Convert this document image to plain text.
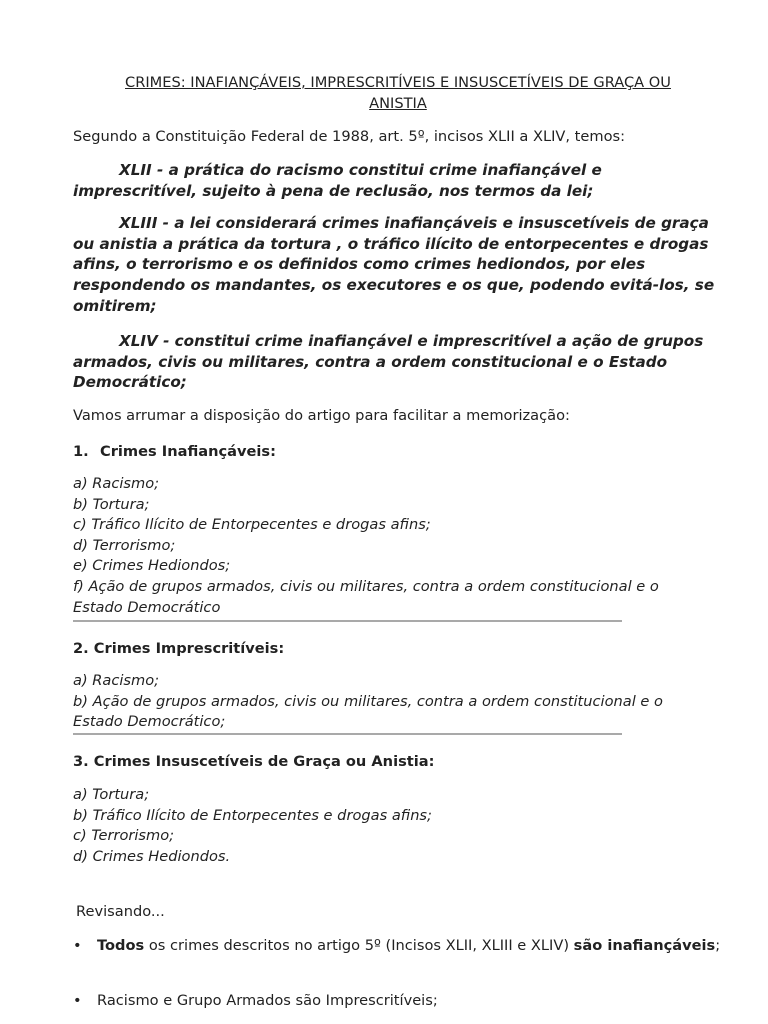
CRIMES: INAFIANÇÁVEIS, IMPRESCRITÍVEIS E INSUSCETÍVEIS DE GRAÇA OU
ANISTIA

Segundo a Constituição Federal de 1988, art. 5º, incisos XLII a XLIV, temos:

XLII - a prática do racismo constitui crime inafiançável e imprescritível, sujeito à pena de reclusão, nos termos da lei;

XLIII - a lei considerará crimes inafiançáveis e insuscetíveis de graça ou anistia a prática da tortura , o tráfico ilícito de entorpecentes e drogas afins, o terrorismo e os definidos como crimes hediondos, por eles respondendo os mandantes, os executores e os que, podendo evitá-los, se omitirem;

XLIV - constitui crime inafiançável e imprescritível a ação de grupos armados, civis ou militares, contra a ordem constitucional e o Estado Democrático;

Vamos arrumar a disposição do artigo para facilitar a memorização:

1. Crimes Inafiançáveis:
a) Racismo;
b) Tortura;
c) Tráfico Ilícito de Entorpecentes e drogas afins;
d) Terrorismo;
e) Crimes Hediondos;
f) Ação de grupos armados, civis ou militares, contra a ordem constitucional e o Estado Democrático
2. Crimes Imprescritíveis:
a) Racismo;
b) Ação de grupos armados, civis ou militares, contra a ordem constitucional e o Estado Democrático;
3. Crimes Insuscetíveis de Graça ou Anistia:
a) Tortura;
b) Tráfico Ilícito de Entorpecentes e drogas afins;
c) Terrorismo;
d) Crimes Hediondos.

Revisando...

• Todos os crimes descritos no artigo 5º (Incisos XLII, XLIII e XLIV) são inafiançáveis;
• Racismo e Grupo Armados são Imprescritíveis;
